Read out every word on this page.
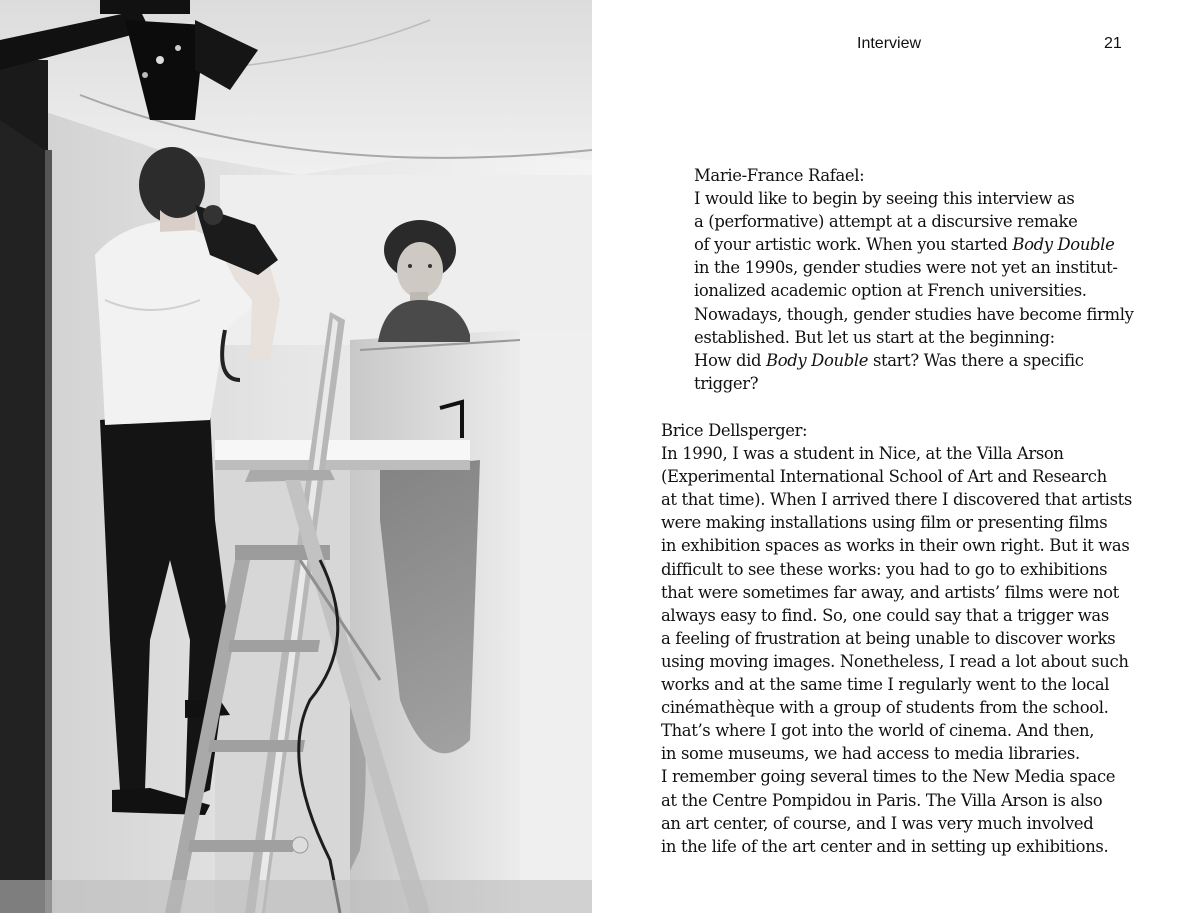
Interview	21
Marie-France Rafael:
I would like to begin by seeing this interview as
a (performative) attempt at a discursive remake
of your artistic work. When you started Body Double
in the 1990s, gender studies were not yet an institut-
ionalized academic option at French universities.
Nowadays, though, gender studies have become firmly
established. But let us start at the beginning:
How did Body Double start? Was there a specific
trigger?
Brice Dellsperger:
In 1990, I was a student in Nice, at the Villa Arson
(Experimental International School of Art and Research
at that time). When I arrived there I discovered that artists
were making installations using film or presenting films
in exhibition spaces as works in their own right. But it was
difficult to see these works: you had to go to exhibitions
that were sometimes far away, and artists’ films were not
always easy to find. So, one could say that a trigger was
a feeling of frustration at being unable to discover works
using moving images. Nonetheless, I read a lot about such
works and at the same time I regularly went to the local
cinémathèque with a group of students from the school.
That’s where I got into the world of cinema. And then,
in some museums, we had access to media libraries.
I remember going several times to the New Media space
at the Centre Pompidou in Paris. The Villa Arson is also
an art center, of course, and I was very much involved
in the life of the art center and in setting up exhibitions.
